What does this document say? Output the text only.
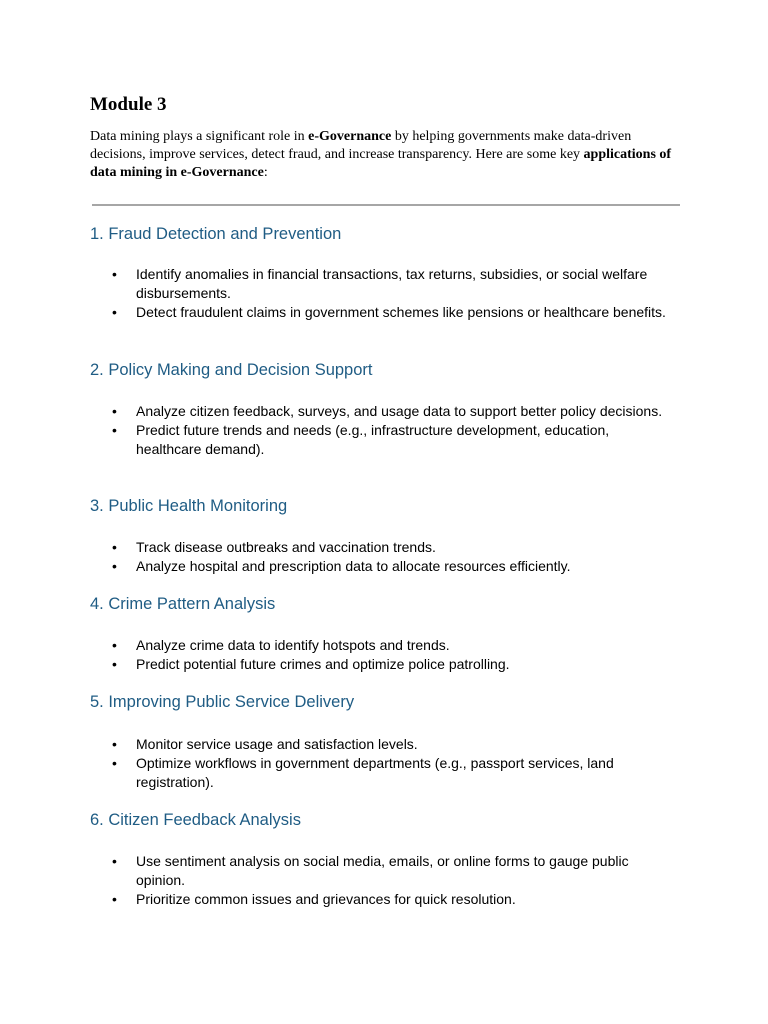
Module 3

Data mining plays a significant role in e-Governance by helping governments make data-driven decisions, improve services, detect fraud, and increase transparency. Here are some key applications of data mining in e-Governance:

1. Fraud Detection and Prevention
• Identify anomalies in financial transactions, tax returns, subsidies, or social welfare disbursements.
• Detect fraudulent claims in government schemes like pensions or healthcare benefits.
2. Policy Making and Decision Support
• Analyze citizen feedback, surveys, and usage data to support better policy decisions.
• Predict future trends and needs (e.g., infrastructure development, education, healthcare demand).
3. Public Health Monitoring
• Track disease outbreaks and vaccination trends.
• Analyze hospital and prescription data to allocate resources efficiently.
4. Crime Pattern Analysis
• Analyze crime data to identify hotspots and trends.
• Predict potential future crimes and optimize police patrolling.
5. Improving Public Service Delivery
• Monitor service usage and satisfaction levels.
• Optimize workflows in government departments (e.g., passport services, land registration).
6. Citizen Feedback Analysis
• Use sentiment analysis on social media, emails, or online forms to gauge public opinion.
• Prioritize common issues and grievances for quick resolution.
